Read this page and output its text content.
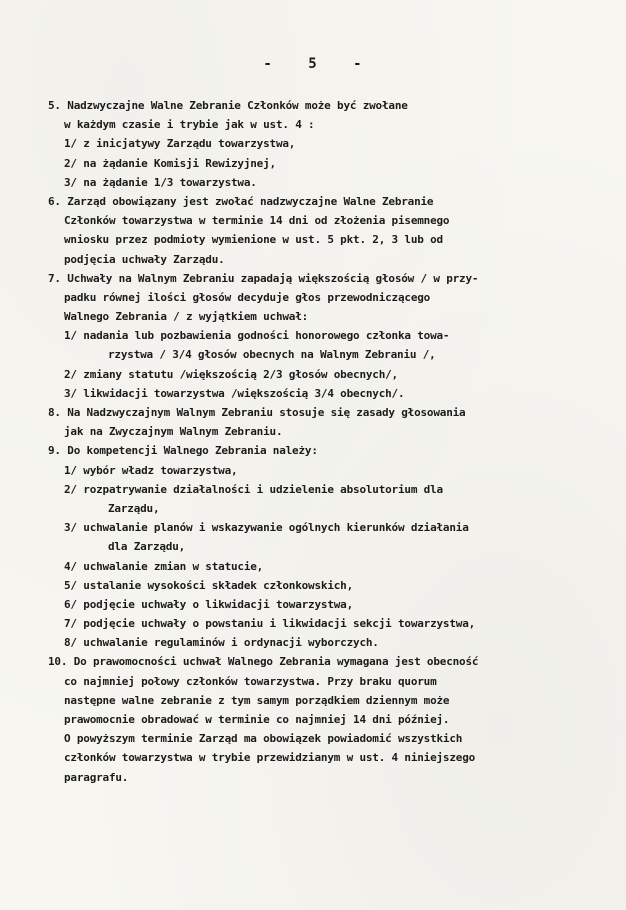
-	5	-
5. Nadzwyczajne Walne Zebranie Członków może być zwołane
w każdym czasie i trybie jak w ust. 4 :
1/ z inicjatywy Zarządu towarzystwa,
2/ na żądanie Komisji Rewizyjnej,
3/ na żądanie 1/3 towarzystwa.
6. Zarząd obowiązany jest zwołać nadzwyczajne Walne Zebranie
Członków towarzystwa w terminie 14 dni od złożenia pisemnego
wniosku przez podmioty wymienione w ust. 5 pkt. 2, 3 lub od
podjęcia uchwały Zarządu.
7. Uchwały na Walnym Zebraniu zapadają większością głosów / w przy-
padku równej ilości głosów decyduje głos przewodniczącego
Walnego Zebrania / z wyjątkiem uchwał:
1/ nadania lub pozbawienia godności honorowego członka towa-
rzystwa / 3/4 głosów obecnych na Walnym Zebraniu /,
2/ zmiany statutu /większością 2/3 głosów obecnych/,
3/ likwidacji towarzystwa /większością 3/4 obecnych/.
8. Na Nadzwyczajnym Walnym Zebraniu stosuje się zasady głosowania
jak na Zwyczajnym Walnym Zebraniu.
9. Do kompetencji Walnego Zebrania należy:
1/ wybór władz towarzystwa,
2/ rozpatrywanie działalności i udzielenie absolutorium dla
Zarządu,
3/ uchwalanie planów i wskazywanie ogólnych kierunków działania
dla Zarządu,
4/ uchwalanie zmian w statucie,
5/ ustalanie wysokości składek członkowskich,
6/ podjęcie uchwały o likwidacji towarzystwa,
7/ podjęcie uchwały o powstaniu i likwidacji sekcji towarzystwa,
8/ uchwalanie regulaminów i ordynacji wyborczych.
10. Do prawomocności uchwał Walnego Zebrania wymagana jest obecność
co najmniej połowy członków towarzystwa. Przy braku quorum
następne walne zebranie z tym samym porządkiem dziennym może
prawomocnie obradować w terminie co najmniej 14 dni później.
O powyższym terminie Zarząd ma obowiązek powiadomić wszystkich
członków towarzystwa w trybie przewidzianym w ust. 4 niniejszego
paragrafu.
